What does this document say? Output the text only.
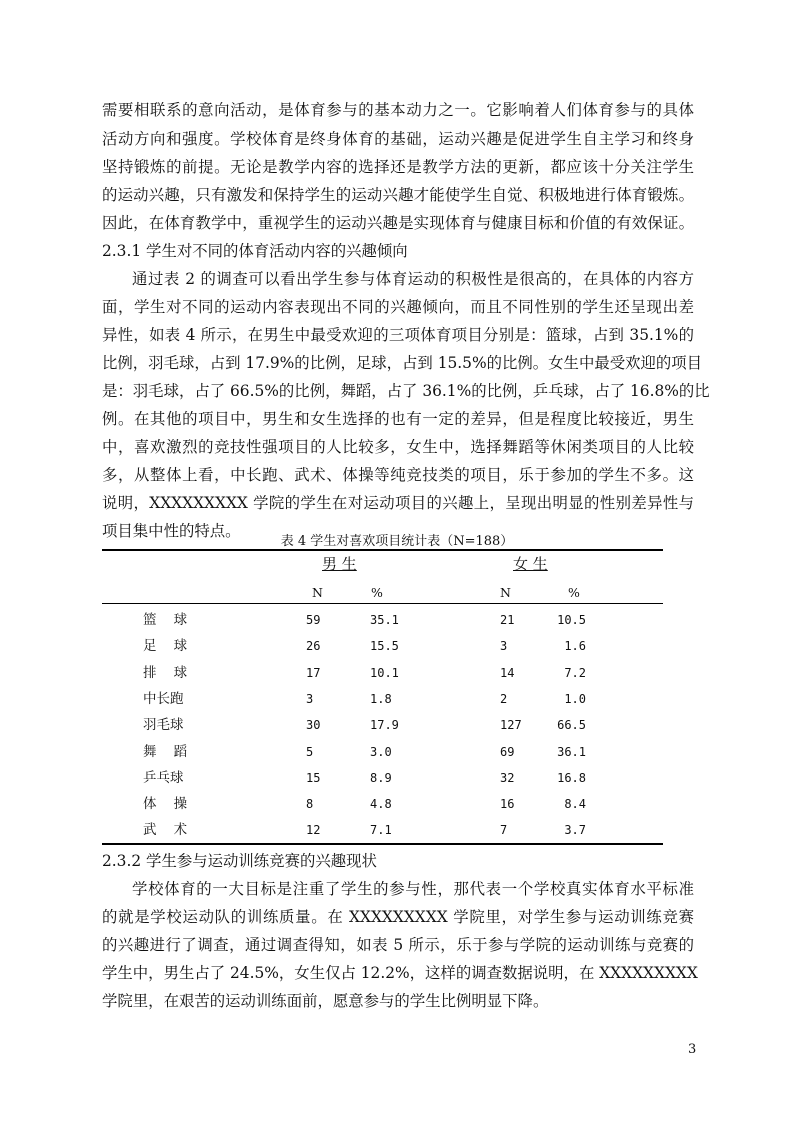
需要相联系的意向活动，是体育参与的基本动力之一。它影响着人们体育参与的具体
活动方向和强度。学校体育是终身体育的基础，运动兴趣是促进学生自主学习和终身
坚持锻炼的前提。无论是教学内容的选择还是教学方法的更新，都应该十分关注学生
的运动兴趣，只有激发和保持学生的运动兴趣才能使学生自觉、积极地进行体育锻炼。
因此，在体育教学中，重视学生的运动兴趣是实现体育与健康目标和价值的有效保证。
2.3.1 学生对不同的体育活动内容的兴趣倾向
通过表 2 的调查可以看出学生参与体育运动的积极性是很高的，在具体的内容方
面，学生对不同的运动内容表现出不同的兴趣倾向，而且不同性别的学生还呈现出差
异性，如表 4 所示，在男生中最受欢迎的三项体育项目分别是：篮球，占到 35.1%的
比例，羽毛球，占到 17.9%的比例，足球，占到 15.5%的比例。女生中最受欢迎的项目
是：羽毛球，占了 66.5%的比例，舞蹈，占了 36.1%的比例，乒乓球，占了 16.8%的比
例。在其他的项目中，男生和女生选择的也有一定的差异，但是程度比较接近，男生
中，喜欢激烈的竞技性强项目的人比较多，女生中，选择舞蹈等休闲类项目的人比较
多，从整体上看，中长跑、武术、体操等纯竞技类的项目，乐于参加的学生不多。这
说明，XXXXXXXXX 学院的学生在对运动项目的兴趣上，呈现出明显的性别差异性与
项目集中性的特点。
表 4 学生对喜欢项目统计表（N=188）
男 生	女 生
N	%	N	%
篮    球	59	35.1	21	10.5
足    球	26	15.5	3	1.6
排    球	17	10.1	14	7.2
中长跑	3	1.8	2	1.0
羽毛球	30	17.9	127	66.5
舞    蹈	5	3.0	69	36.1
乒乓球	15	8.9	32	16.8
体    操	8	4.8	16	8.4
武    术	12	7.1	7	3.7
2.3.2 学生参与运动训练竞赛的兴趣现状
学校体育的一大目标是注重了学生的参与性，那代表一个学校真实体育水平标准
的就是学校运动队的训练质量。在 XXXXXXXXX 学院里，对学生参与运动训练竞赛
的兴趣进行了调查，通过调查得知，如表 5 所示，乐于参与学院的运动训练与竞赛的
学生中，男生占了 24.5%，女生仅占 12.2%，这样的调查数据说明，在 XXXXXXXXX
学院里，在艰苦的运动训练面前，愿意参与的学生比例明显下降。
3
